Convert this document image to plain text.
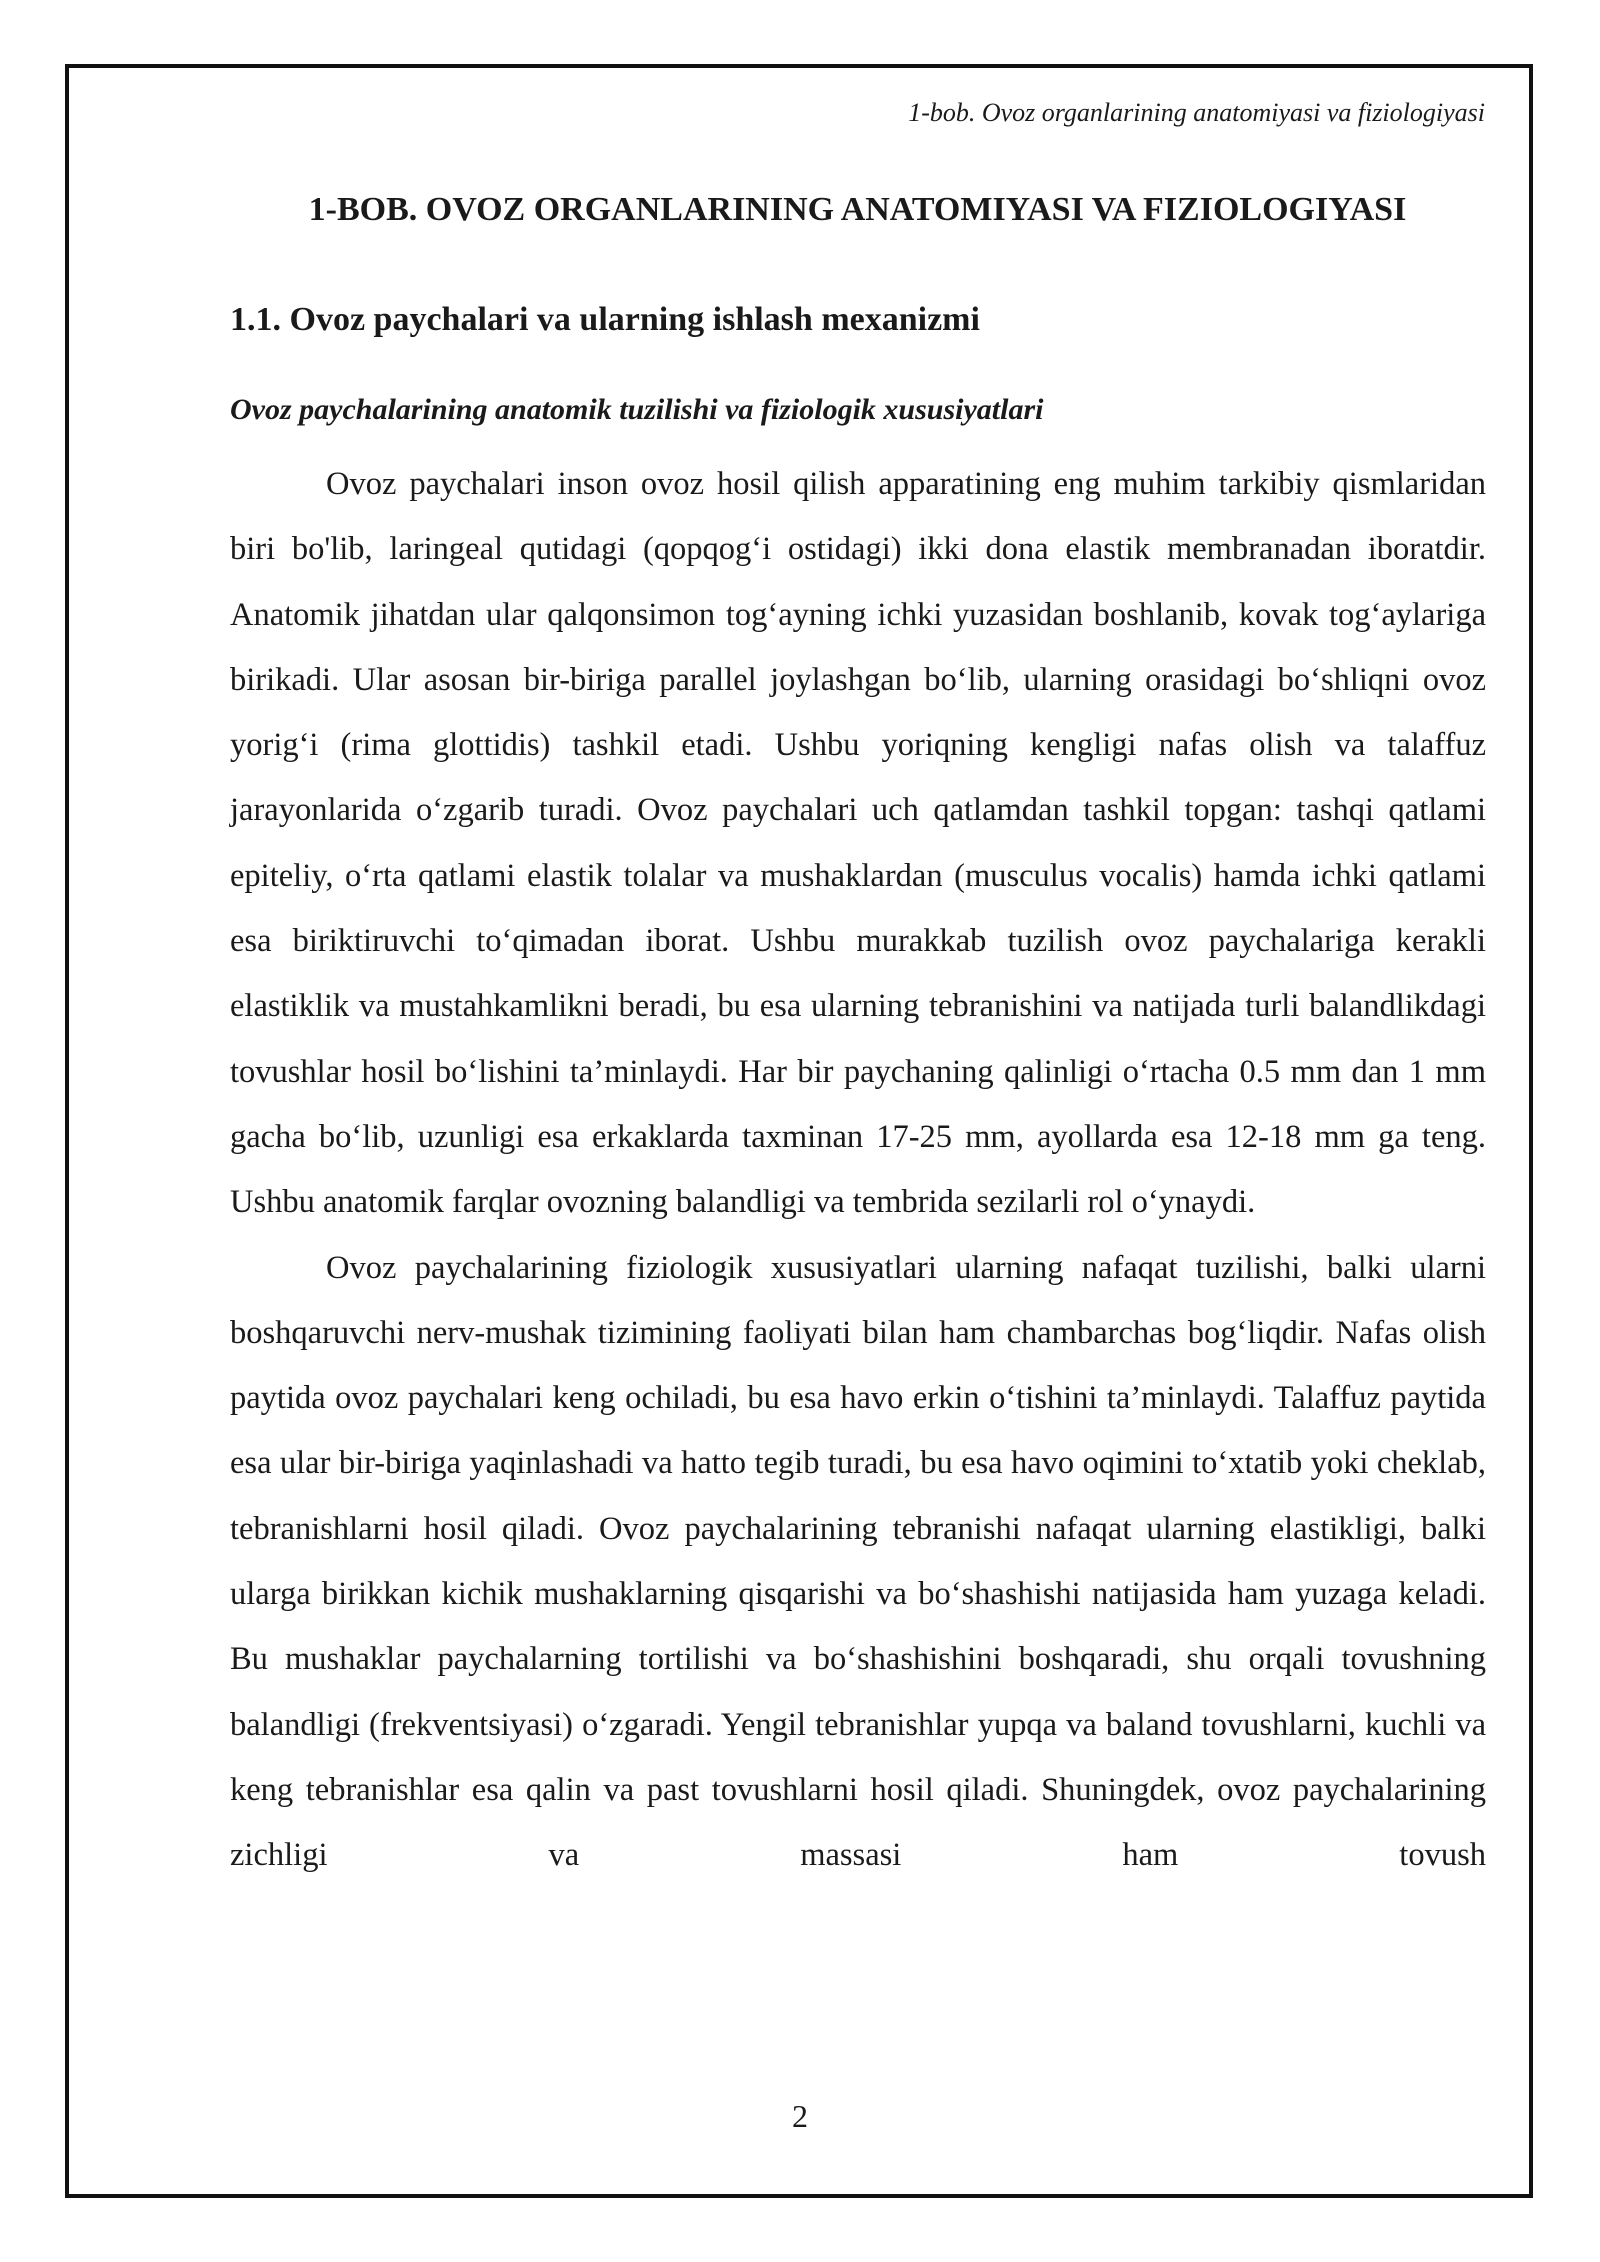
1-bob. Ovoz organlarining anatomiyasi va fiziologiyasi
1-BOB. OVOZ ORGANLARINING ANATOMIYASI VA FIZIOLOGIYASI
1.1. Ovoz paychalari va ularning ishlash mexanizmi
Ovoz paychalarining anatomik tuzilishi va fiziologik xususiyatlari

Ovoz paychalari inson ovoz hosil qilish apparatining eng muhim tarkibiy qismlaridan biri bo'lib, laringeal qutidagi (qopqog‘i ostidagi) ikki dona elastik membranadan iboratdir. Anatomik jihatdan ular qalqonsimon tog‘ayning ichki yuzasidan boshlanib, kovak tog‘aylariga birikadi. Ular asosan bir-biriga parallel joylashgan bo‘lib, ularning orasidagi bo‘shliqni ovoz yorig‘i (rima glottidis) tashkil etadi. Ushbu yoriqning kengligi nafas olish va talaffuz jarayonlarida o‘zgarib turadi. Ovoz paychalari uch qatlamdan tashkil topgan: tashqi qatlami epiteliy, o‘rta qatlami elastik tolalar va mushaklardan (musculus vocalis) hamda ichki qatlami esa biriktiruvchi to‘qimadan iborat. Ushbu murakkab tuzilish ovoz paychalariga kerakli elastiklik va mustahkamlikni beradi, bu esa ularning tebranishini va natijada turli balandlikdagi tovushlar hosil bo‘lishini ta’minlaydi. Har bir paychaning qalinligi o‘rtacha 0.5 mm dan 1 mm gacha bo‘lib, uzunligi esa erkaklarda taxminan 17-25 mm, ayollarda esa 12-18 mm ga teng. Ushbu anatomik farqlar ovozning balandligi va tembrida sezilarli rol o‘ynaydi.

Ovoz paychalarining fiziologik xususiyatlari ularning nafaqat tuzilishi, balki ularni boshqaruvchi nerv-mushak tizimining faoliyati bilan ham chambarchas bog‘liqdir. Nafas olish paytida ovoz paychalari keng ochiladi, bu esa havo erkin o‘tishini ta’minlaydi. Talaffuz paytida esa ular bir-biriga yaqinlashadi va hatto tegib turadi, bu esa havo oqimini to‘xtatib yoki cheklab, tebranishlarni hosil qiladi. Ovoz paychalarining tebranishi nafaqat ularning elastikligi, balki ularga birikkan kichik mushaklarning qisqarishi va bo‘shashishi natijasida ham yuzaga keladi. Bu mushaklar paychalarning tortilishi va bo‘shashishini boshqaradi, shu orqali tovushning balandligi (frekventsiyasi) o‘zgaradi. Yengil tebranishlar yupqa va baland tovushlarni, kuchli va keng tebranishlar esa qalin va past tovushlarni hosil qiladi. Shuningdek, ovoz paychalarining zichligi va massasi ham tovush

2
